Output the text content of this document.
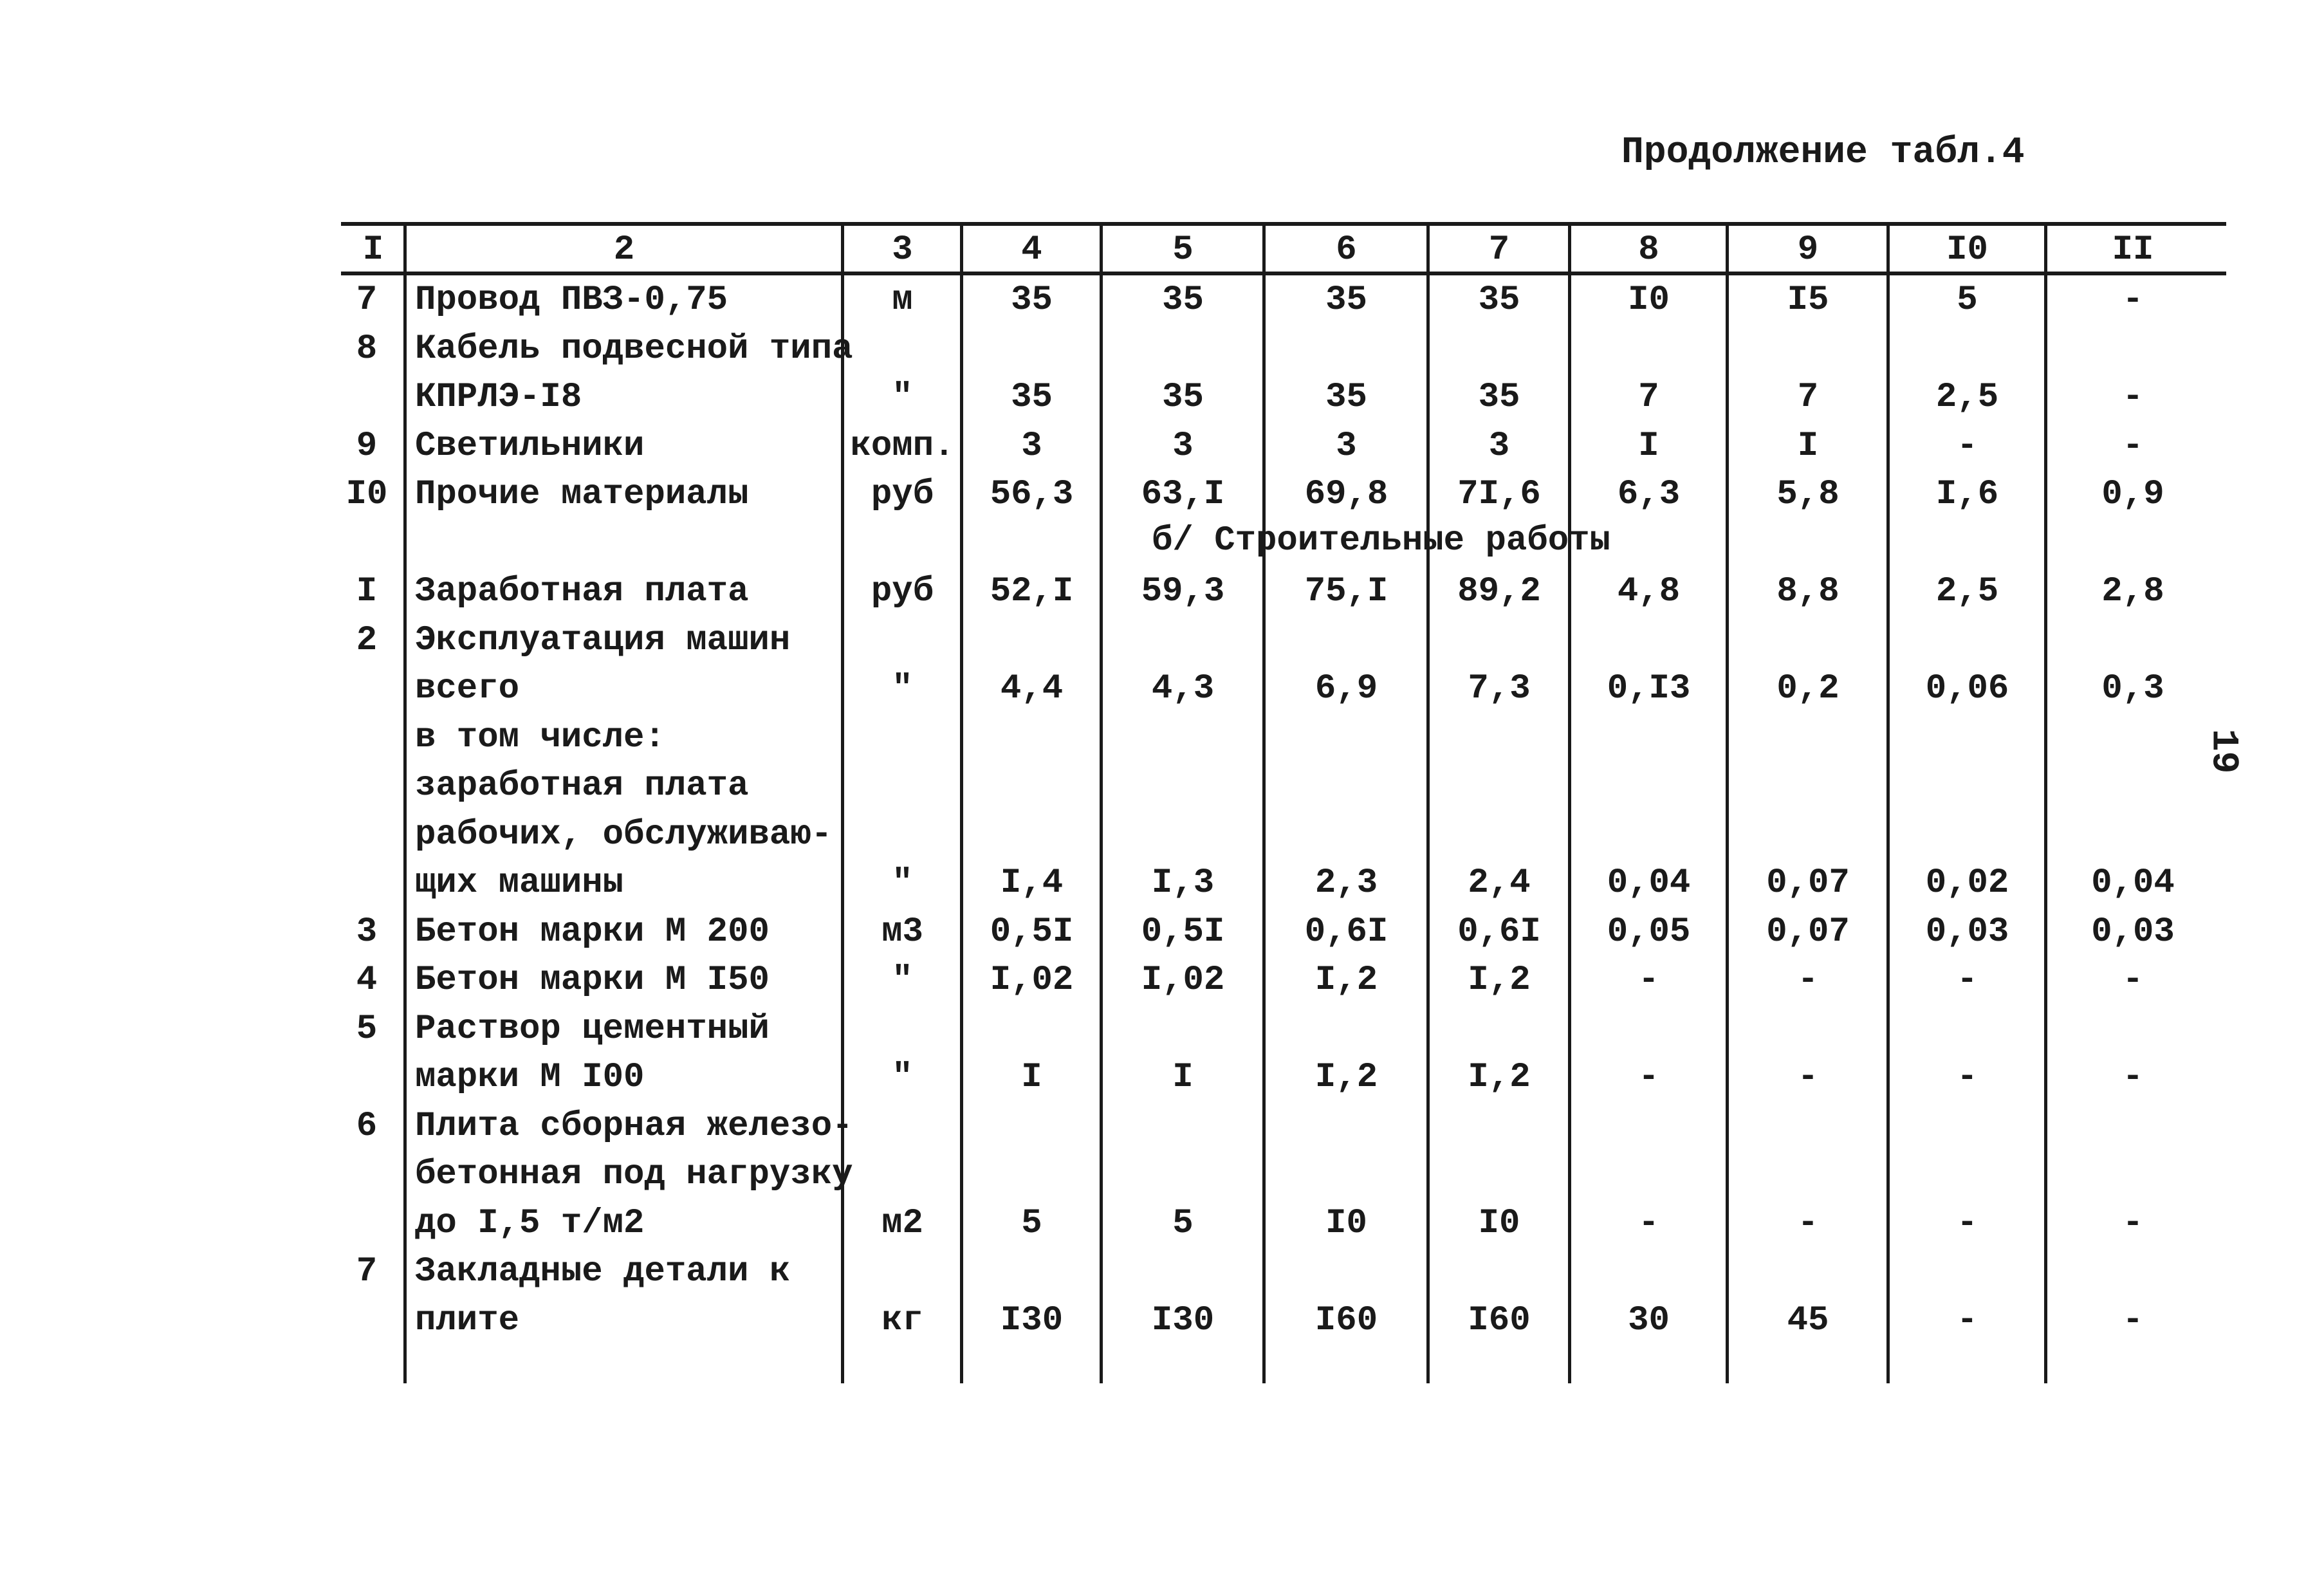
Продолжение табл.4
19
I	2	3	4	5	6	7	8	9	I0	II
7	Провод ПВЗ-0,75	м	35	35	35	35	I0	I5	5	-
8	Кабель подвесной типа
КПРЛЭ-I8	"	35	35	35	35	7	7	2,5	-
9	Светильники	комп.	3	3	3	3	I	I	-	-
I0 Прочие материалы	руб	56,3	63,I	69,8	7I,6	6,3	5,8	I,6	0,9
б/ Строительные работы
I	Заработная плата	руб	52,I	59,3	75,I	89,2	4,8	8,8	2,5	2,8
2	Эксплуатация машин
всего	"	4,4	4,3	6,9	7,3	0,I3	0,2	0,06	0,3
в том числе:
заработная плата
рабочих, обслуживаю-
щих машины	"	I,4	I,3	2,3	2,4	0,04	0,07	0,02	0,04
3	Бетон марки М 200	м3	0,5I	0,5I	0,6I	0,6I	0,05	0,07	0,03	0,03
4	Бетон марки М I50	"	I,02	I,02	I,2	I,2	-	-	-	-
5	Раствор цементный
марки М I00	"	I	I	I,2	I,2	-	-	-	-
6	Плита сборная железо-
бетонная под нагрузку
до I,5 т/м2	м2	5	5	I0	I0	-	-	-	-
7	Закладные детали к
плите	кг	I30	I30	I60	I60	30	45	-	-
